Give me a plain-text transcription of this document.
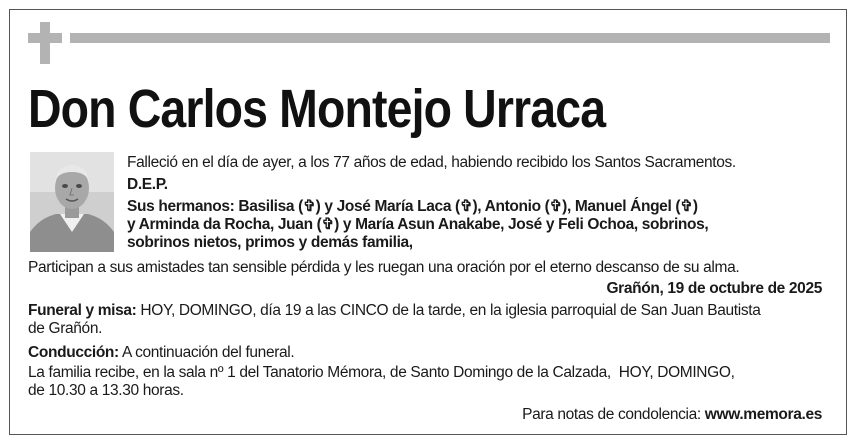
Don Carlos Montejo Urraca
Falleció en el día de ayer, a los 77 años de edad, habiendo recibido los Santos Sacramentos.
D.E.P.
Sus hermanos: Basilisa (✞) y José María Laca (✞), Antonio (✞), Manuel Ángel (✞)
y Arminda da Rocha, Juan (✞) y María Asun Anakabe, José y Feli Ochoa, sobrinos,
sobrinos nietos, primos y demás familia,
Participan a sus amistades tan sensible pérdida y les ruegan una oración por el eterno descanso de su alma.
Grañón, 19 de octubre de 2025
Funeral y misa: HOY, DOMINGO, día 19 a las CINCO de la tarde, en la iglesia parroquial de San Juan Bautista
de Grañón.
Conducción: A continuación del funeral.
La familia recibe, en la sala nº 1 del Tanatorio Mémora, de Santo Domingo de la Calzada,  HOY, DOMINGO,
de 10.30 a 13.30 horas.
Para notas de condolencia: www.memora.es
